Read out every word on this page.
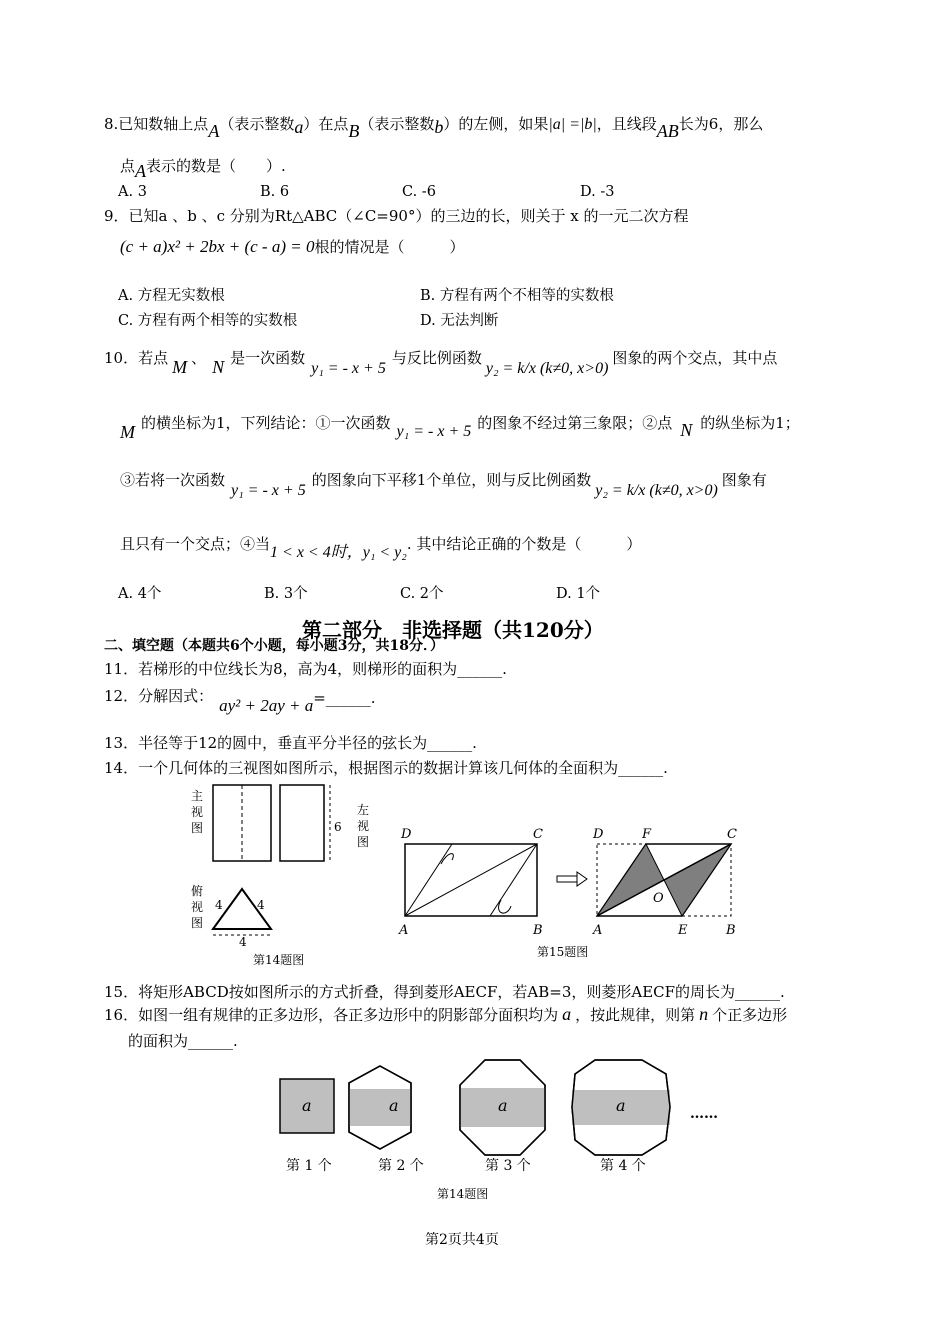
8.已知数轴上点A（表示整数a）在点B（表示整数b）的左侧，如果|a| =|b|，且线段AB长为6，那么
点A表示的数是（　　）.
A. 3	B. 6	C. -6	D. -3
9．已知a 、b 、c 分别为Rt△ABC（∠C=90°）的三边的长，则关于 x 的一元二次方程
(c + a)x² + 2bx + (c - a) = 0根的情况是（　　　）
A. 方程无实数根	B. 方程有两个不相等的实数根
C. 方程有两个相等的实数根	D. 无法判断
10．若点 M 、 N 是一次函数y₁ = - x + 5与反比例函数y₂ = k/x (k≠0, x>0)图象的两个交点，其中点
M 的横坐标为1，下列结论：①一次函数 y₁ = - x + 5 的图象不经过第三象限；②点 N 的纵坐标为1；
③若将一次函数y₁ = - x + 5的图象向下平移1个单位，则与反比例函数y₂ = k/x (k≠0, x>0)图象有
且只有一个交点；④当1 < x < 4时，y₁ < y₂. 其中结论正确的个数是（　　　）
A. 4个	B. 3个	C. 2个	D. 1个
第二部分　非选择题（共120分）
二、填空题（本题共6个小题，每小题3分，共18分．）
11．若梯形的中位线长为8，高为4，则梯形的面积为______.
12．分解因式： ay² + 2ay + a=______.
13．半径等于12的圆中，垂直平分半径的弦长为______.
14．一个几何体的三视图如图所示，根据图示的数据计算该几何体的全面积为______.
主
视
图
左
视
图
6
俯
视
图
4	4
4
第14题图
D	C
A	B
D	F	C
O
A	E	B
第15题图
15．将矩形ABCD按如图所示的方式折叠，得到菱形AECF，若AB=3，则菱形AECF的周长为______.
16．如图一组有规律的正多边形，各正多边形中的阴影部分面积均为 a ，按此规律，则第 n 个正多边形
的面积为______.
a	a	a	a	……
第 1 个	第 2 个	第 3 个	第 4 个
第14题图
第2页共4页
